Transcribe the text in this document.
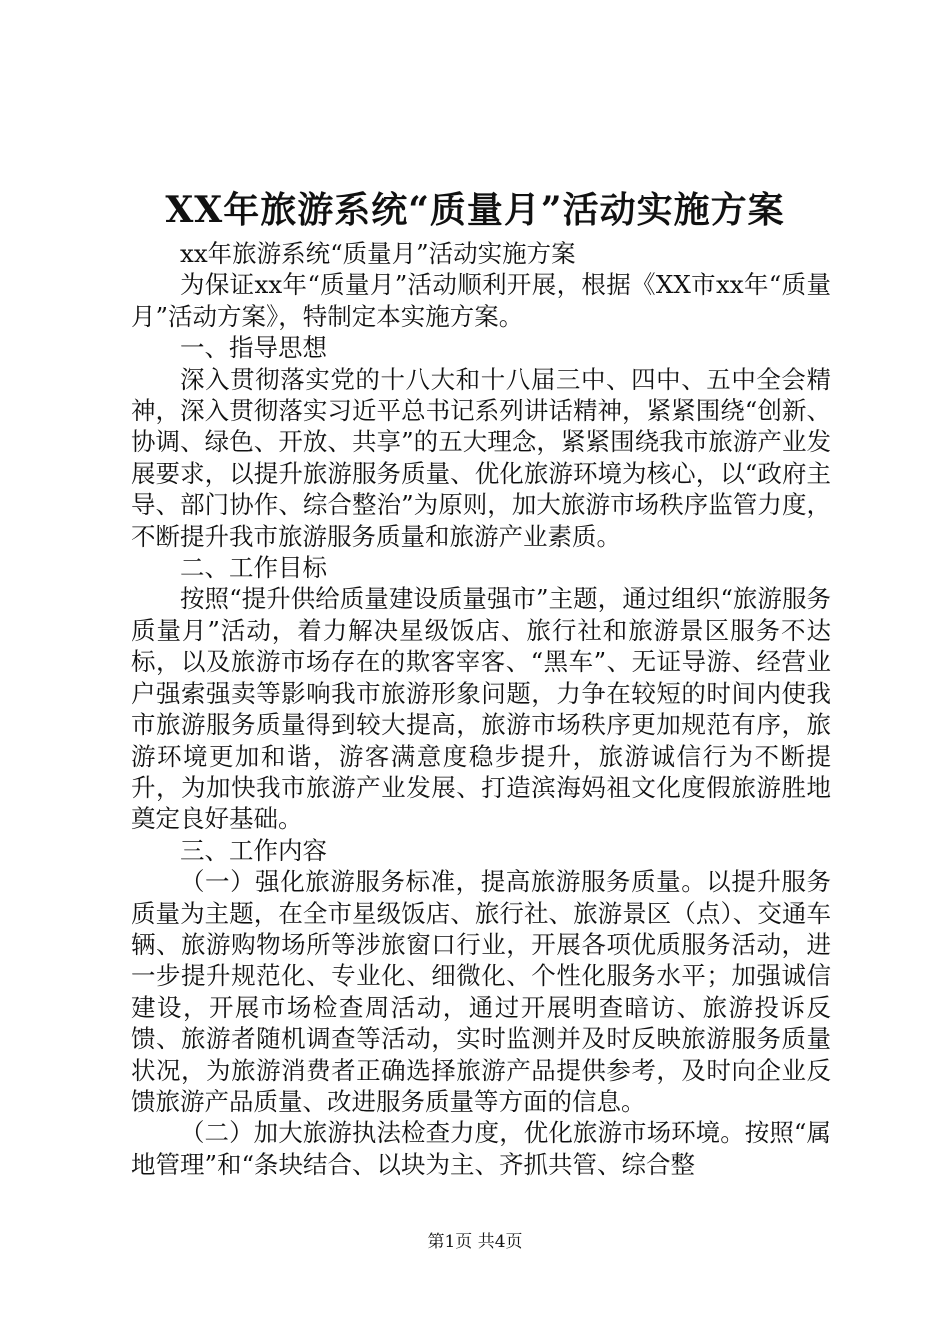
XX年旅游系统“质量月”活动实施方案

xx年旅游系统“质量月”活动实施方案

为保证xx年“质量月”活动顺利开展，根据《XX市xx年“质量月”活动方案》，特制定本实施方案。

一、指导思想

深入贯彻落实党的十八大和十八届三中、四中、五中全会精神，深入贯彻落实习近平总书记系列讲话精神，紧紧围绕“创新、协调、绿色、开放、共享”的五大理念，紧紧围绕我市旅游产业发展要求，以提升旅游服务质量、优化旅游环境为核心，以“政府主导、部门协作、综合整治”为原则，加大旅游市场秩序监管力度，不断提升我市旅游服务质量和旅游产业素质。

二、工作目标

按照“提升供给质量建设质量强市”主题，通过组织“旅游服务质量月”活动，着力解决星级饭店、旅行社和旅游景区服务不达标，以及旅游市场存在的欺客宰客、“黑车”、无证导游、经营业户强索强卖等影响我市旅游形象问题，力争在较短的时间内使我市旅游服务质量得到较大提高，旅游市场秩序更加规范有序，旅游环境更加和谐，游客满意度稳步提升，旅游诚信行为不断提升，为加快我市旅游产业发展、打造滨海妈祖文化度假旅游胜地奠定良好基础。

三、工作内容

（一）强化旅游服务标准，提高旅游服务质量。以提升服务质量为主题，在全市星级饭店、旅行社、旅游景区（点）、交通车辆、旅游购物场所等涉旅窗口行业，开展各项优质服务活动，进一步提升规范化、专业化、细微化、个性化服务水平；加强诚信建设，开展市场检查周活动，通过开展明查暗访、旅游投诉反馈、旅游者随机调查等活动，实时监测并及时反映旅游服务质量状况，为旅游消费者正确选择旅游产品提供参考，及时向企业反馈旅游产品质量、改进服务质量等方面的信息。

（二）加大旅游执法检查力度，优化旅游市场环境。按照“属地管理”和“条块结合、以块为主、齐抓共管、综合整

第1页 共4页
